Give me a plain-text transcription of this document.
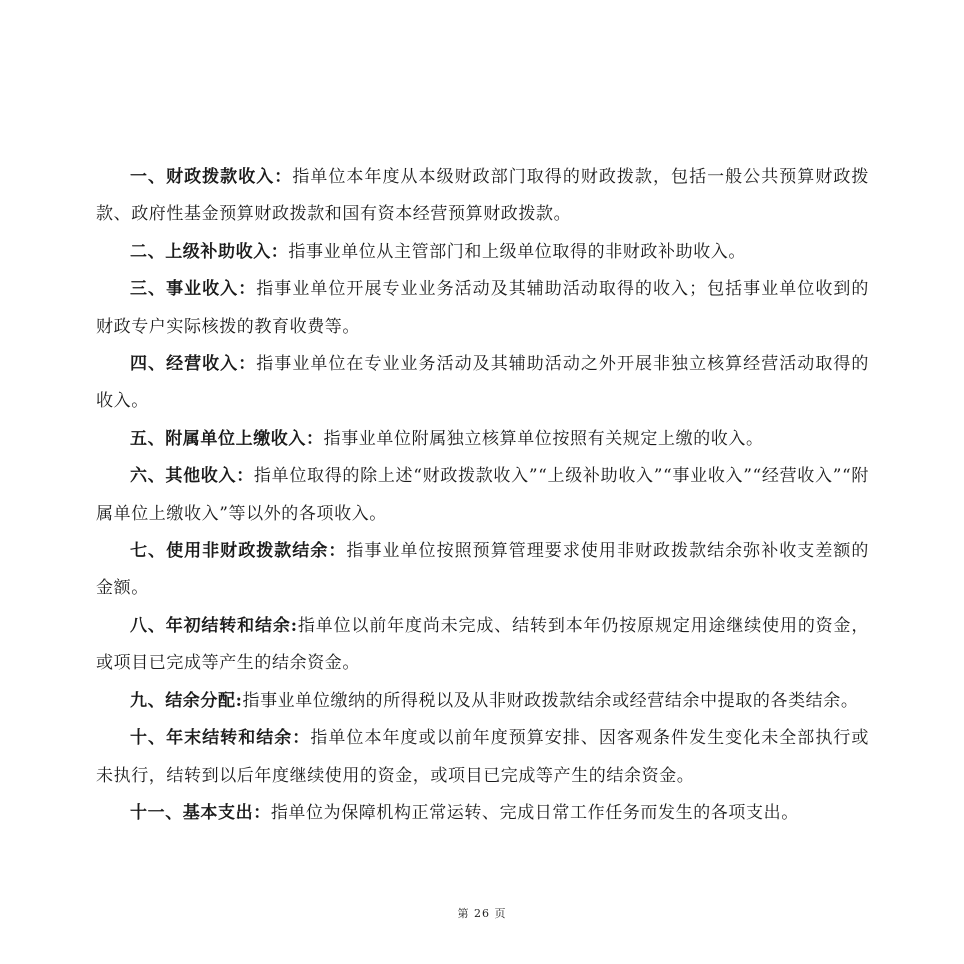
一、财政拨款收入：指单位本年度从本级财政部门取得的财政拨款，包括一般公共预算财政拨款、政府性基金预算财政拨款和国有资本经营预算财政拨款。

二、上级补助收入：指事业单位从主管部门和上级单位取得的非财政补助收入。

三、事业收入：指事业单位开展专业业务活动及其辅助活动取得的收入；包括事业单位收到的财政专户实际核拨的教育收费等。

四、经营收入：指事业单位在专业业务活动及其辅助活动之外开展非独立核算经营活动取得的收入。

五、附属单位上缴收入：指事业单位附属独立核算单位按照有关规定上缴的收入。

六、其他收入：指单位取得的除上述“财政拨款收入”“上级补助收入”“事业收入”“经营收入”“附属单位上缴收入”等以外的各项收入。

七、使用非财政拨款结余：指事业单位按照预算管理要求使用非财政拨款结余弥补收支差额的金额。

八、年初结转和结余:指单位以前年度尚未完成、结转到本年仍按原规定用途继续使用的资金，或项目已完成等产生的结余资金。

九、结余分配:指事业单位缴纳的所得税以及从非财政拨款结余或经营结余中提取的各类结余。

十、年末结转和结余：指单位本年度或以前年度预算安排、因客观条件发生变化未全部执行或未执行，结转到以后年度继续使用的资金，或项目已完成等产生的结余资金。

十一、基本支出：指单位为保障机构正常运转、完成日常工作任务而发生的各项支出。

第 26 页
